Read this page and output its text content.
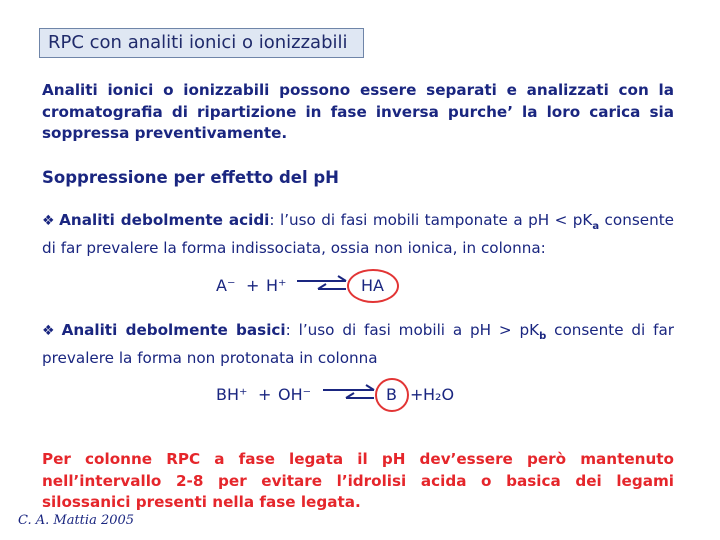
RPC con analiti ionici o ionizzabili
Analiti ionici o ionizzabili possono essere separati e analizzati con la cromatografia di ripartizione in fase inversa purche’ la loro carica sia soppressa preventivamente.
Soppressione per effetto del pH
❖ Analiti debolmente acidi: l’uso di fasi mobili tamponate a pH < $pK_a$ consente di far prevalere la forma indissociata, ossia non ionica, in colonna:
A⁻ + H⁺	HA
❖ Analiti debolmente basici: l’uso di fasi mobili a pH > $pK_b$ consente di far prevalere la forma non protonata in colonna
BH⁺ + OH⁻	B + H₂O
Per colonne RPC a fase legata il pH dev’essere però mantenuto nell’intervallo 2-8 per evitare l’idrolisi acida o basica dei legami silossanici presenti nella fase legata.
C. A. Mattia 2005
